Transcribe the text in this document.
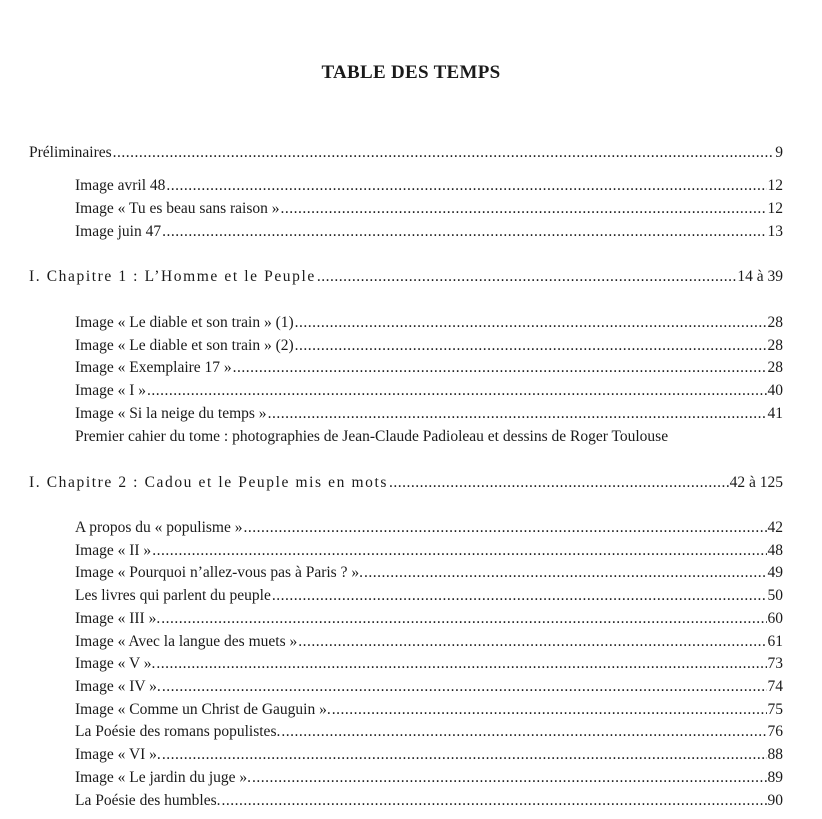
TABLE DES TEMPS
Préliminaires .....	9
Image avril 48 .....	12
Image « Tu es beau sans raison » .....	12
Image juin 47 .....	13
I. Chapitre 1 : L’Homme et le Peuple .....	14 à 39
Image « Le diable et son train » (1) .....	28
Image « Le diable et son train » (2) .....	28
Image « Exemplaire 17 » .....	28
Image « I » .....	40
Image « Si la neige du temps » .....	41
Premier cahier du tome : photographies de Jean-Claude Padioleau et dessins de Roger Toulouse
I. Chapitre 2 : Cadou et le Peuple mis en mots .....	42 à 125
A propos du « populisme » .....	42
Image « II » .....	48
Image « Pourquoi n’allez-vous pas à Paris ? ». .....	49
Les livres qui parlent du peuple .....	50
Image « III ». .....	60
Image « Avec la langue des muets » .....	61
Image « V ». .....	73
Image « IV ». .....	74
Image « Comme un Christ de Gauguin ». .....	75
La Poésie des romans populistes. .....	76
Image « VI ». .....	88
Image « Le jardin du juge ». .....	89
La Poésie des humbles. .....	90
